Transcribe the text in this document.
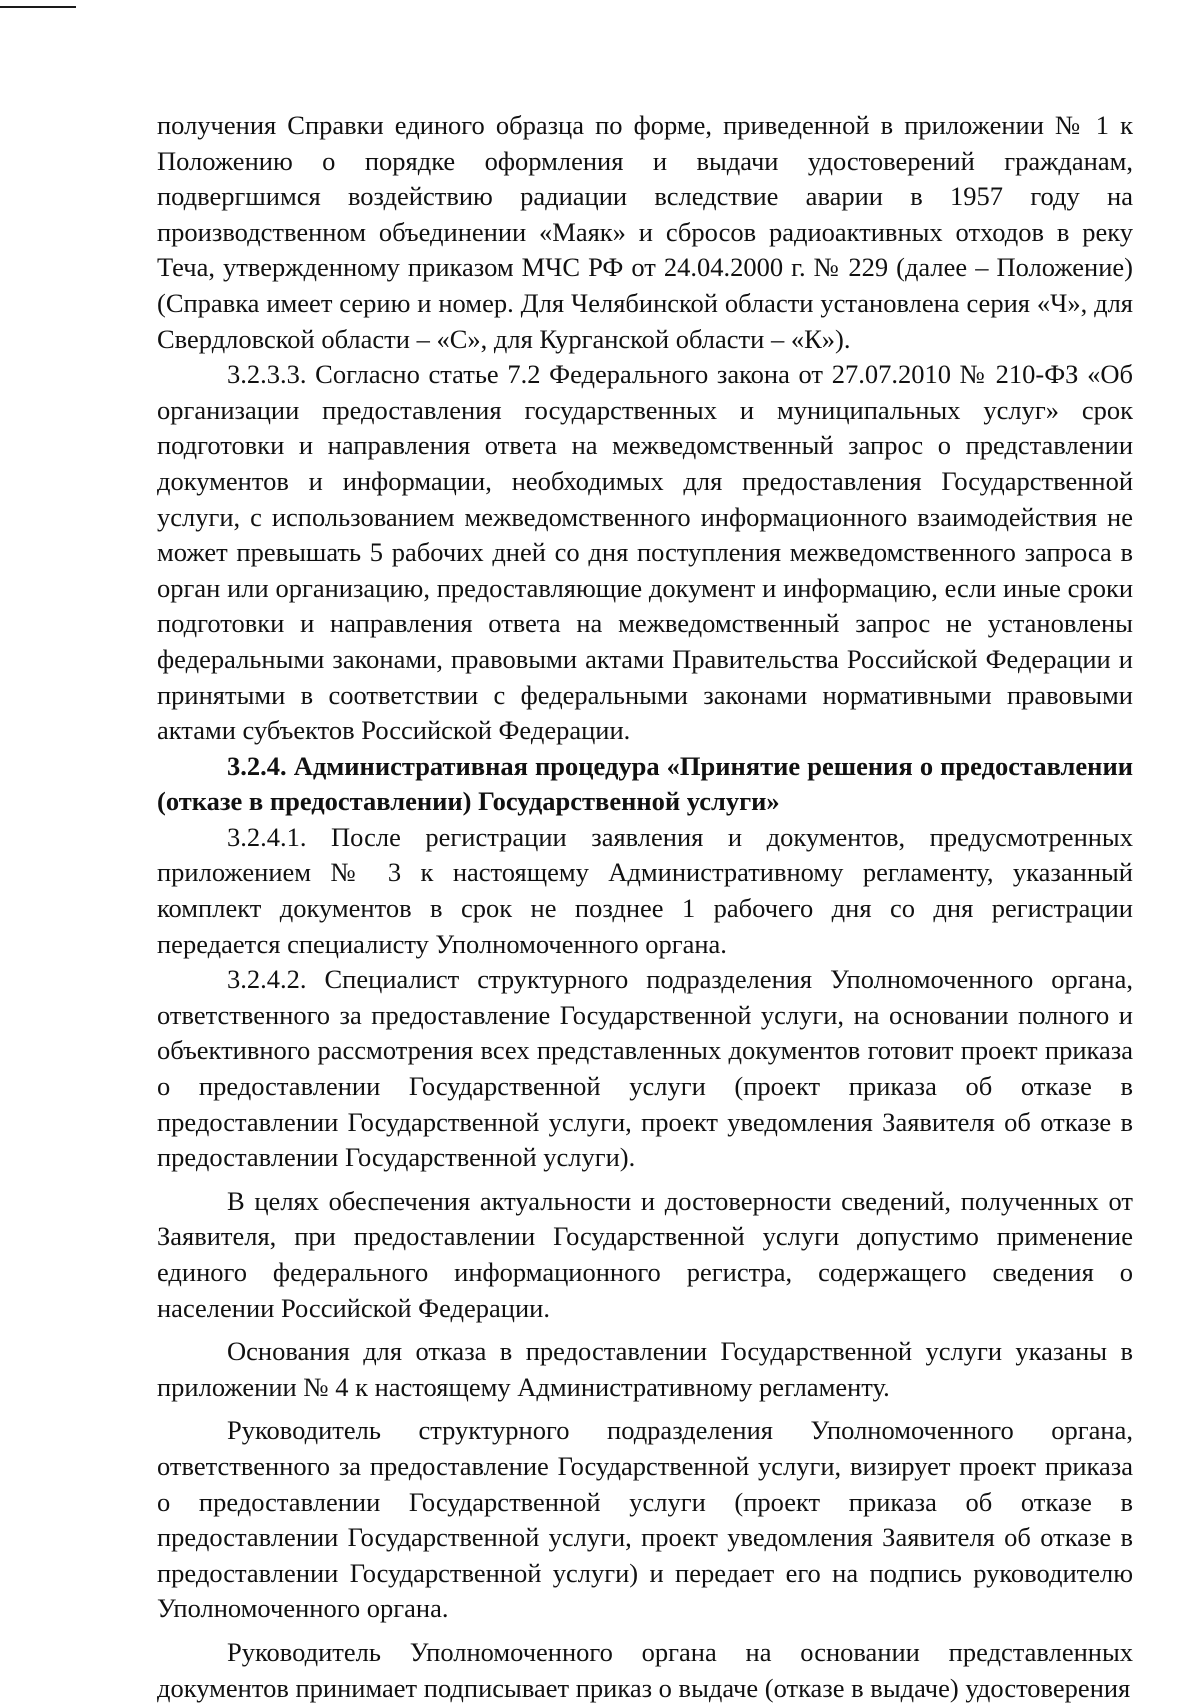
получения Справки единого образца по форме, приведенной в приложении № 1 к Положению о порядке оформления и выдачи удостоверений гражданам, подвергшимся воздействию радиации вследствие аварии в 1957 году на производственном объединении «Маяк» и сбросов радиоактивных отходов в реку Теча, утвержденному приказом МЧС РФ от 24.04.2000 г. № 229 (далее – Положение) (Справка имеет серию и номер. Для Челябинской области установлена серия «Ч», для Свердловской области – «С», для Курганской области – «К»).

3.2.3.3. Согласно статье 7.2 Федерального закона от 27.07.2010 № 210-ФЗ «Об организации предоставления государственных и муниципальных услуг» срок подготовки и направления ответа на межведомственный запрос о представлении документов и информации, необходимых для предоставления Государственной услуги, с использованием межведомственного информационного взаимодействия не может превышать 5 рабочих дней со дня поступления межведомственного запроса в орган или организацию, предоставляющие документ и информацию, если иные сроки подготовки и направления ответа на межведомственный запрос не установлены федеральными законами, правовыми актами Правительства Российской Федерации и принятыми в соответствии с федеральными законами нормативными правовыми актами субъектов Российской Федерации.

3.2.4. Административная процедура «Принятие решения о предоставлении (отказе в предоставлении) Государственной услуги»

3.2.4.1. После регистрации заявления и документов, предусмотренных приложением № 3 к настоящему Административному регламенту, указанный комплект документов в срок не позднее 1 рабочего дня со дня регистрации передается специалисту Уполномоченного органа.

3.2.4.2. Специалист структурного подразделения Уполномоченного органа, ответственного за предоставление Государственной услуги, на основании полного и объективного рассмотрения всех представленных документов готовит проект приказа о предоставлении Государственной услуги (проект приказа об отказе в предоставлении Государственной услуги, проект уведомления Заявителя об отказе в предоставлении Государственной услуги).

В целях обеспечения актуальности и достоверности сведений, полученных от Заявителя, при предоставлении Государственной услуги допустимо применение единого федерального информационного регистра, содержащего сведения о населении Российской Федерации.

Основания для отказа в предоставлении Государственной услуги указаны в приложении № 4 к настоящему Административному регламенту.

Руководитель структурного подразделения Уполномоченного органа, ответственного за предоставление Государственной услуги, визирует проект приказа о предоставлении Государственной услуги (проект приказа об отказе в предоставлении Государственной услуги, проект уведомления Заявителя об отказе в предоставлении Государственной услуги) и передает его на подпись руководителю Уполномоченного органа.

Руководитель Уполномоченного органа на основании представленных документов принимает подписывает приказ о выдаче (отказе в выдаче) удостоверения
